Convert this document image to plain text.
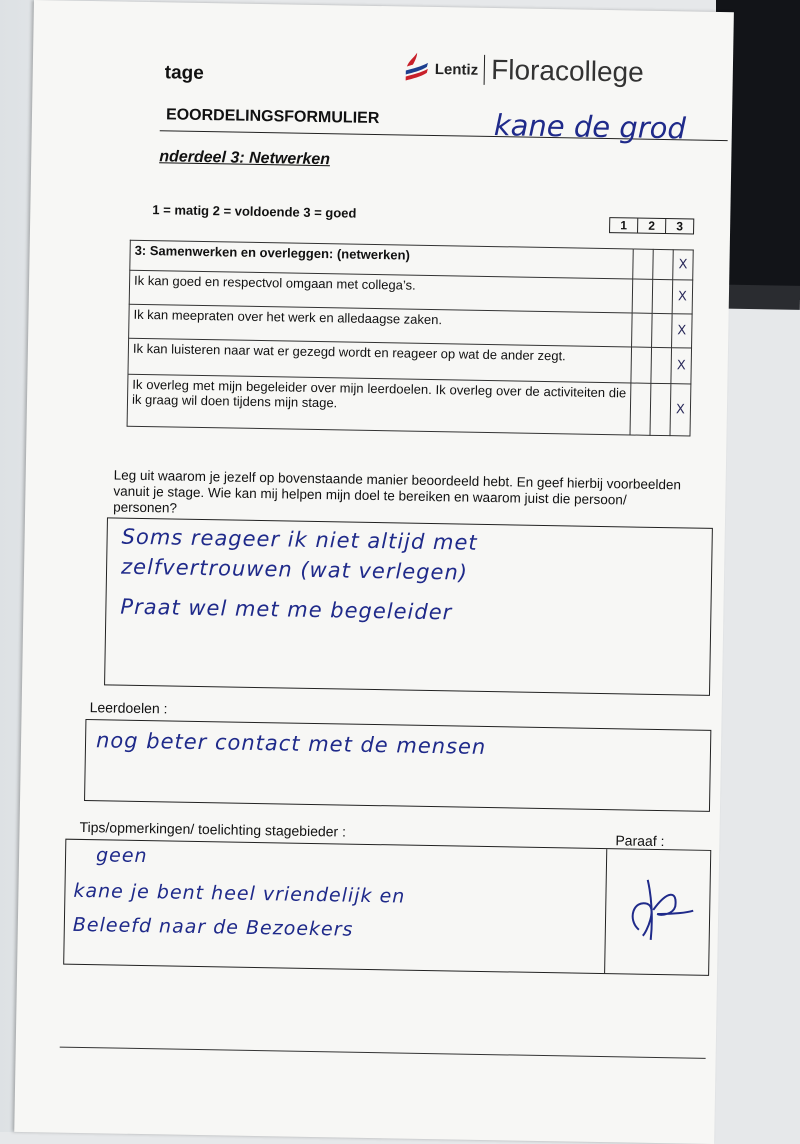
tage	Lentiz Floracollege
EOORDELINGSFORMULIER	kane de grod
nderdeel 3: Netwerken
1 = matig 2 = voldoende 3 = goed
1	2	3
3: Samenwerken en overleggen: (netwerken)			X
Ik kan goed en respectvol omgaan met collega’s.			X
Ik kan meepraten over het werk en alledaagse zaken.			X
Ik kan luisteren naar wat er gezegd wordt en reageer op wat de ander zegt.			X
Ik overleg met mijn begeleider over mijn leerdoelen. Ik overleg over de activiteiten die ik graag wil doen tijdens mijn stage.			X
Leg uit waarom je jezelf op bovenstaande manier beoordeeld hebt. En geef hierbij voorbeelden vanuit je stage. Wie kan mij helpen mijn doel te bereiken en waarom juist die persoon/ personen?
Soms reageer ik niet altijd met
zelfvertrouwen (wat verlegen)
Praat wel met me begeleider
Leerdoelen :
nog beter contact met de mensen
Tips/opmerkingen/ toelichting stagebieder :
Paraaf :
geen
kane je bent heel vriendelijk en
Beleefd naar de Bezoekers
